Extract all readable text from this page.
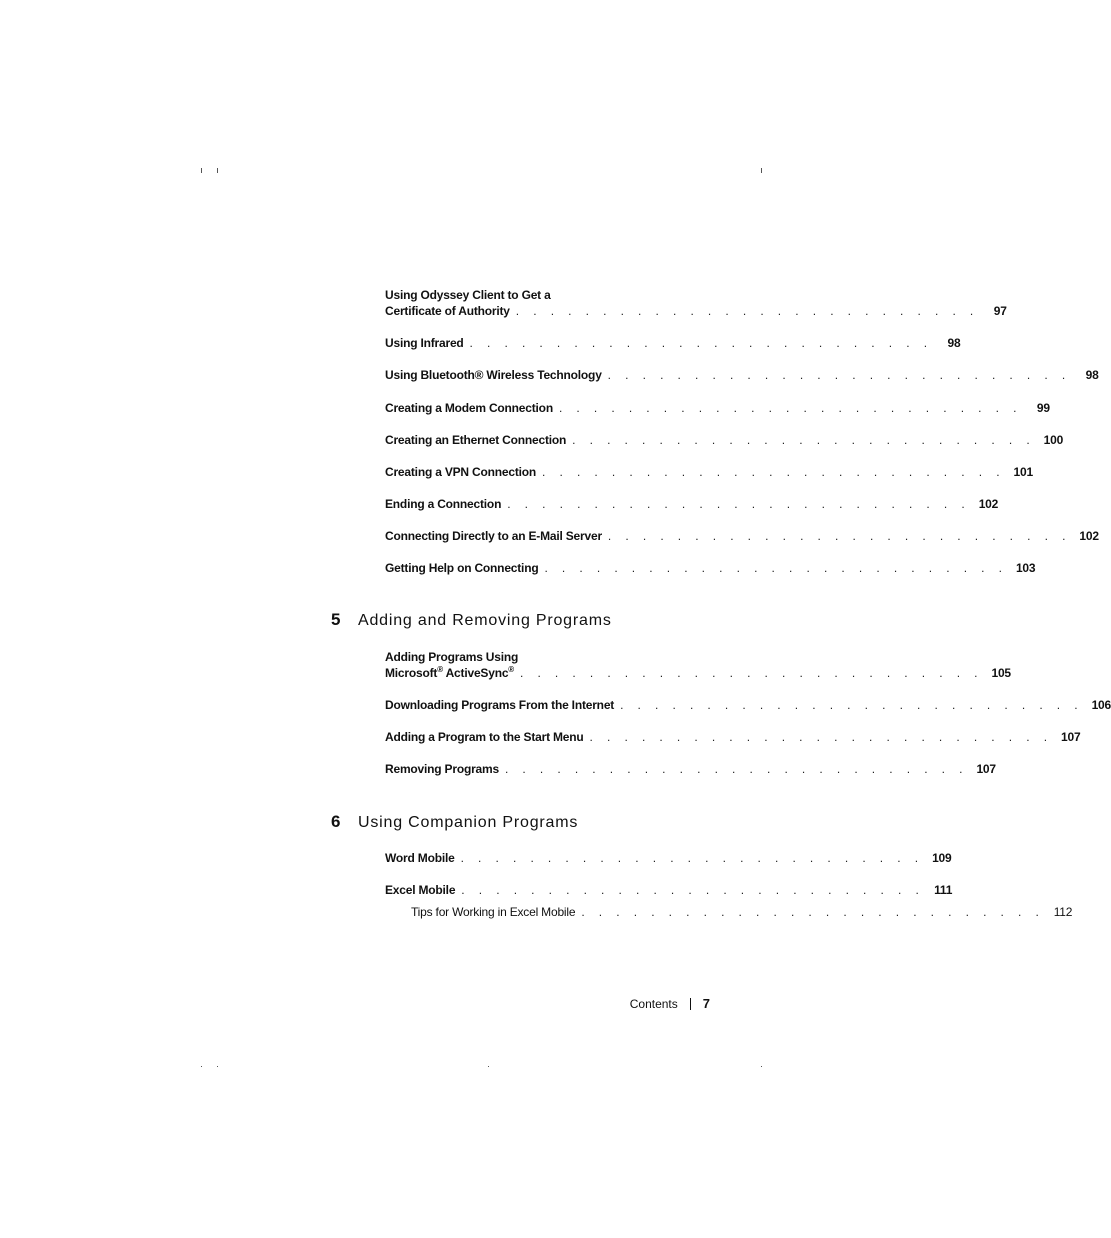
Using Odyssey Client to Get a
Certificate of Authority . . . . . . . . . . . . . . . . . . . . . . . . . . .	97
Using Infrared . . . . . . . . . . . . . . . . . . . . . . . . . . .	98
Using Bluetooth® Wireless Technology . . . . . . . . . . . . . . . . . . . . . . . . . . .	98
Creating a Modem Connection . . . . . . . . . . . . . . . . . . . . . . . . . . .	99
Creating an Ethernet Connection . . . . . . . . . . . . . . . . . . . . . . . . . . . 100
Creating a VPN Connection . . . . . . . . . . . . . . . . . . . . . . . . . . . 101
Ending a Connection . . . . . . . . . . . . . . . . . . . . . . . . . . . 102
Connecting Directly to an E-Mail Server . . . . . . . . . . . . . . . . . . . . . . . . . . . 102
Getting Help on Connecting . . . . . . . . . . . . . . . . . . . . . . . . . . . 103
5	Adding and Removing Programs
Adding Programs Using
Microsoft® ActiveSync® . . . . . . . . . . . . . . . . . . . . . . . . . . . 105
Downloading Programs From the Internet . . . . . . . . . . . . . . . . . . . . . . . . . . . 106
Adding a Program to the Start Menu . . . . . . . . . . . . . . . . . . . . . . . . . . . 107
Removing Programs . . . . . . . . . . . . . . . . . . . . . . . . . . . 107
6	Using Companion Programs
Word Mobile . . . . . . . . . . . . . . . . . . . . . . . . . . . 109
Excel Mobile . . . . . . . . . . . . . . . . . . . . . . . . . . . 111
Tips for Working in Excel Mobile . . . . . . . . . . . . . . . . . . . . . . . . . . . 112
Contents 7
